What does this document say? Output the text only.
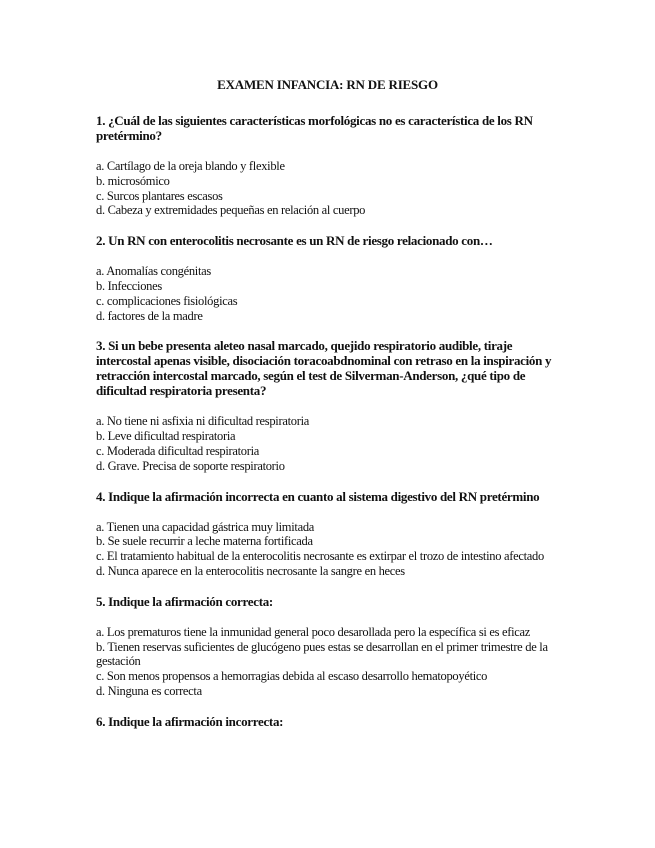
EXAMEN INFANCIA: RN DE RIESGO
1. ¿Cuál de las siguientes características morfológicas no es característica de los RN pretérmino?
a. Cartílago de la oreja blando y flexible
b. microsómico
c. Surcos plantares escasos
d. Cabeza y extremidades pequeñas en relación al cuerpo
2. Un RN con enterocolitis necrosante es un RN de riesgo relacionado con…
a. Anomalías congénitas
b. Infecciones
c. complicaciones fisiológicas
d. factores de la madre
3. Si un bebe presenta aleteo nasal marcado, quejido respiratorio audible, tiraje intercostal apenas visible, disociación toracoabdnominal con retraso en la inspiración y retracción intercostal marcado, según el test de Silverman-Anderson, ¿qué tipo de dificultad respiratoria presenta?
a. No tiene ni asfixia ni dificultad respiratoria
b. Leve dificultad respiratoria
c. Moderada dificultad respiratoria
d. Grave. Precisa de soporte respiratorio
4. Indique la afirmación incorrecta en cuanto al sistema digestivo del RN pretérmino
a. Tienen una capacidad gástrica muy limitada
b. Se suele recurrir a leche materna fortificada
c. El tratamiento habitual de la enterocolitis necrosante es extirpar el trozo de intestino afectado
d. Nunca aparece en la enterocolitis necrosante la sangre en heces
5. Indique la afirmación correcta:
a. Los prematuros tiene la inmunidad general poco desarollada pero la específica si es eficaz
b. Tienen reservas suficientes de glucógeno pues estas se desarrollan en el primer trimestre de la gestación
c. Son menos propensos a hemorragias debida al escaso desarrollo hematopoyético
d. Ninguna es correcta
6. Indique la afirmación incorrecta:
